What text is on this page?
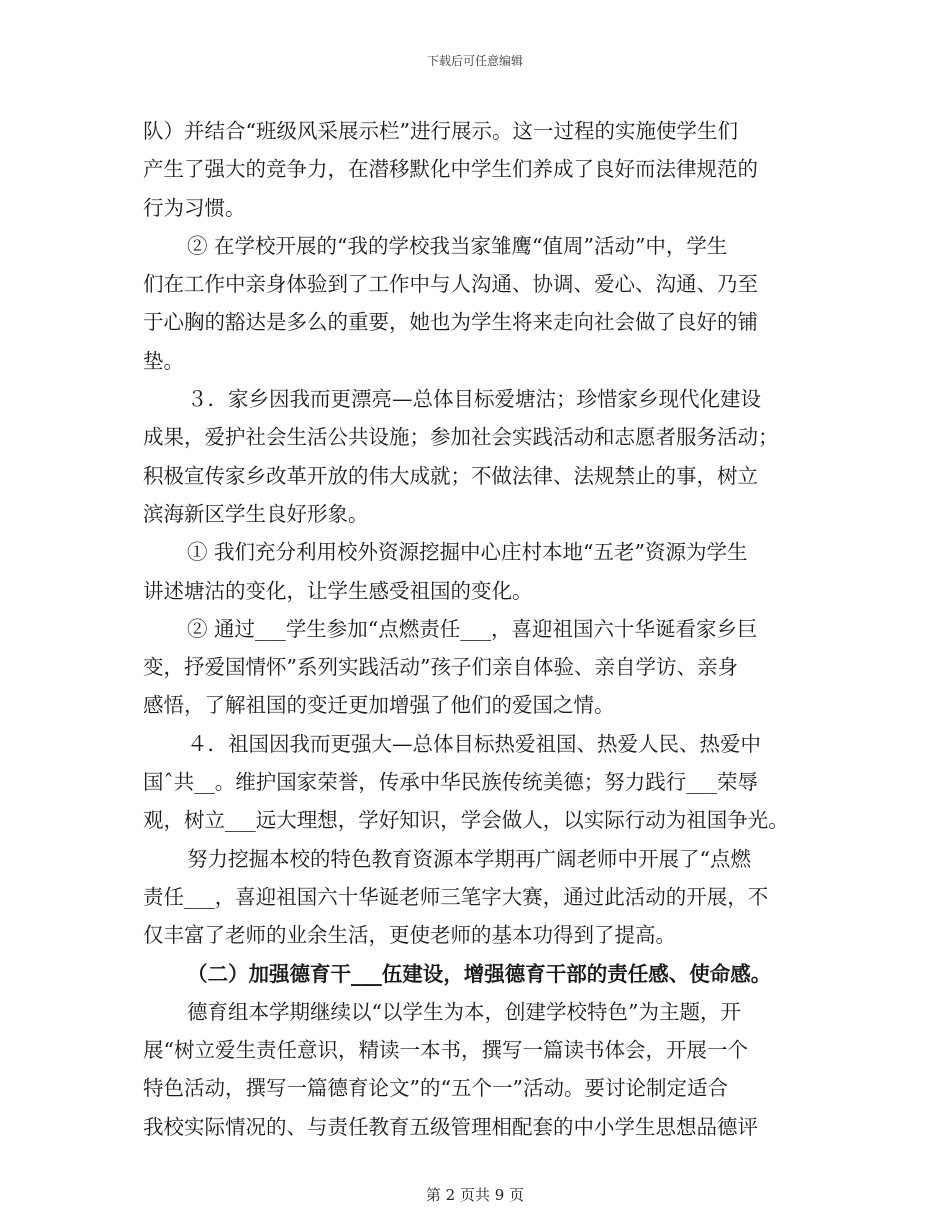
下载后可任意编辑
队）并结合“班级风采展示栏”进行展示。这一过程的实施使学生们
产生了强大的竞争力，在潜移默化中学生们养成了良好而法律规范的
行为习惯。
② 在学校开展的“我的学校我当家雏鹰“值周”活动”中，学生
们在工作中亲身体验到了工作中与人沟通、协调、爱心、沟通、乃至
于心胸的豁达是多么的重要，她也为学生将来走向社会做了良好的铺
垫。
３．家乡因我而更漂亮—总体目标爱塘沽；珍惜家乡现代化建设
成果，爱护社会生活公共设施；参加社会实践活动和志愿者服务活动；
积极宣传家乡改革开放的伟大成就；不做法律、法规禁止的事，树立
滨海新区学生良好形象。
① 我们充分利用校外资源挖掘中心庄村本地“五老”资源为学生
讲述塘沽的变化，让学生感受祖国的变化。
② 通过___学生参加“点燃责任___，喜迎祖国六十华诞看家乡巨
变，抒爱国情怀”系列实践活动”孩子们亲自体验、亲自学访、亲身
感悟，了解祖国的变迁更加增强了他们的爱国之情。
４．祖国因我而更强大—总体目标热爱祖国、热爱人民、热爱中
国ˆ共__。维护国家荣誉，传承中华民族传统美德；努力践行___荣辱
观，树立___远大理想，学好知识，学会做人，以实际行动为祖国争光。
努力挖掘本校的特色教育资源本学期再广阔老师中开展了“点燃
责任___，喜迎祖国六十华诞老师三笔字大赛，通过此活动的开展，不
仅丰富了老师的业余生活，更使老师的基本功得到了提高。
（二）加强德育干___伍建设，增强德育干部的责任感、使命感。
德育组本学期继续以“以学生为本，创建学校特色”为主题，开
展“树立爱生责任意识，精读一本书，撰写一篇读书体会，开展一个
特色活动，撰写一篇德育论文”的“五个一”活动。要讨论制定适合
我校实际情况的、与责任教育五级管理相配套的中小学生思想品德评
第 2 页共 9 页
